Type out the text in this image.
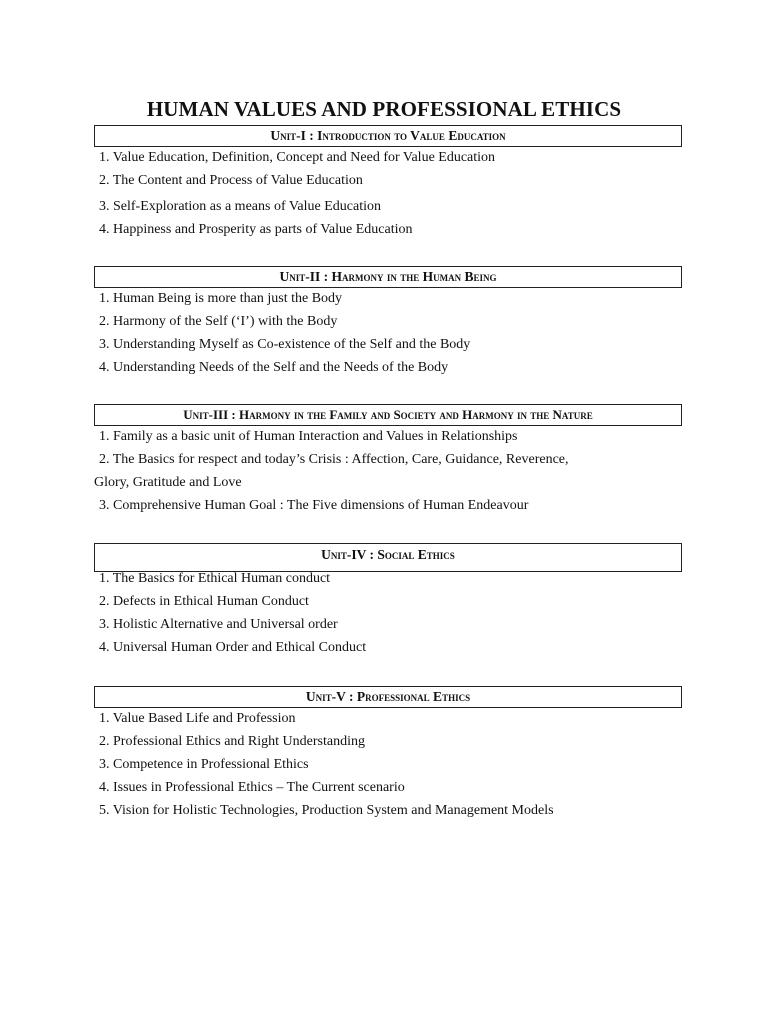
HUMAN VALUES AND PROFESSIONAL ETHICS
Unit-I : Introduction to Value Education
1. Value Education, Definition, Concept and Need for Value Education
2. The Content and Process of Value Education
3. Self-Exploration as a means of Value Education
4. Happiness and Prosperity as parts of Value Education
Unit-II : Harmony in the Human Being
1. Human Being is more than just the Body
2. Harmony of the Self (‘I’) with the Body
3. Understanding Myself as Co-existence of the Self and the Body
4. Understanding Needs of the Self and the Needs of the Body
Unit-III : Harmony in the Family and Society and Harmony in the Nature
1. Family as a basic unit of Human Interaction and Values in Relationships
2. The Basics for respect and today’s Crisis : Affection, Care, Guidance, Reverence,
Glory, Gratitude and Love
3. Comprehensive Human Goal : The Five dimensions of Human Endeavour
Unit-IV : Social Ethics
1. The Basics for Ethical Human conduct
2. Defects in Ethical Human Conduct
3. Holistic Alternative and Universal order
4. Universal Human Order and Ethical Conduct
Unit-V : Professional Ethics
1. Value Based Life and Profession
2. Professional Ethics and Right Understanding
3. Competence in Professional Ethics
4. Issues in Professional Ethics – The Current scenario
5. Vision for Holistic Technologies, Production System and Management Models
